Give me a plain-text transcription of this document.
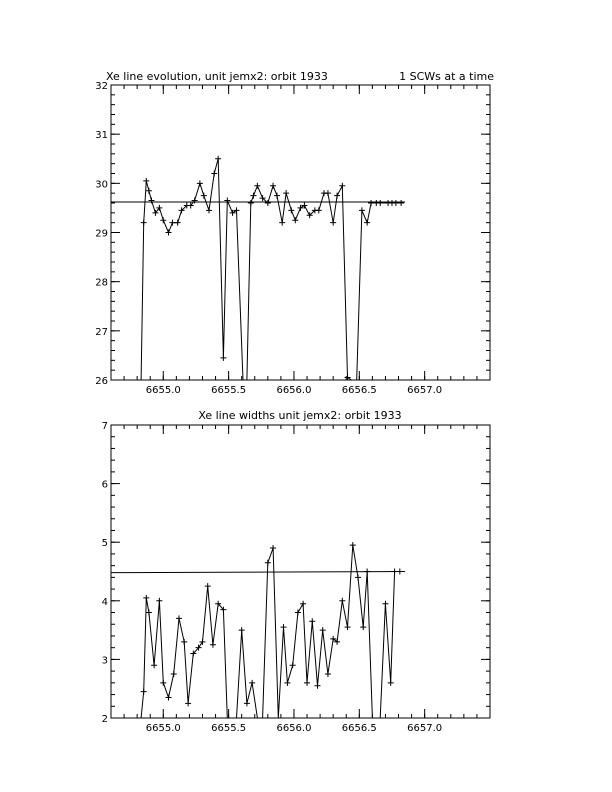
Xe line evolution, unit jemx2: orbit 1933	1 SCWs at a time
6655.0	6655.5	6656.0	6656.5	6657.0
26
27
28
29
30
31
32
Xe line widths unit jemx2: orbit 1933
6655.0	6655.5	6656.0	6656.5	6657.0
2
3
4
5
6
7
